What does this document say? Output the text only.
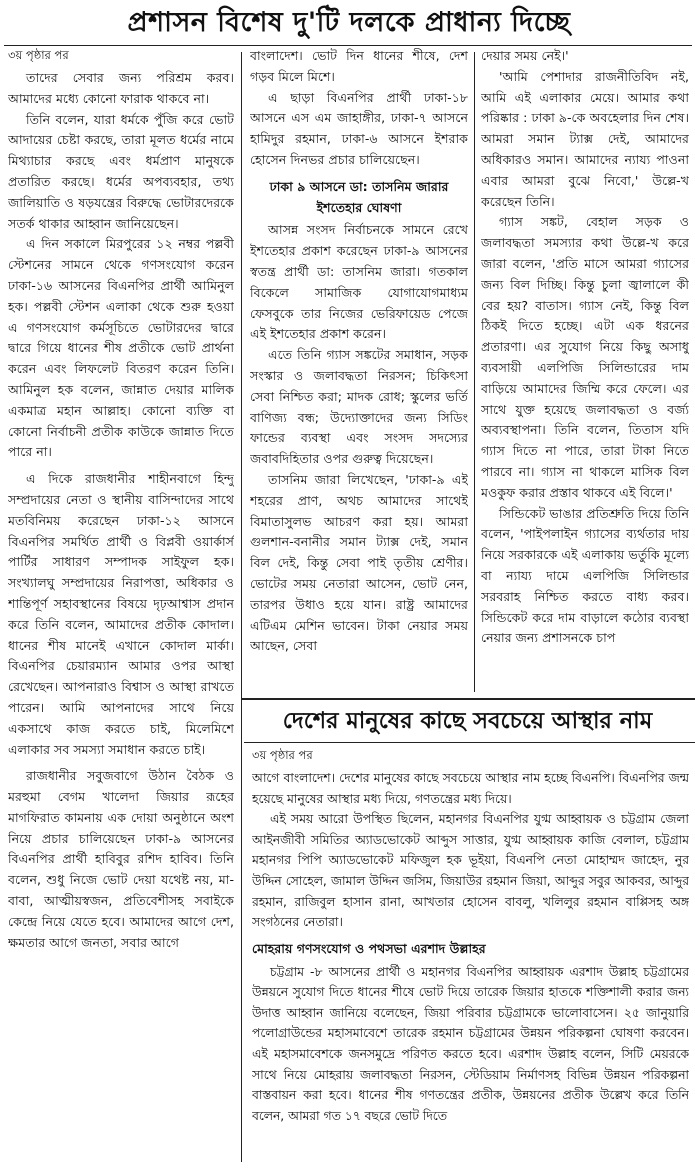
প্রশাসন বিশেষ দু'টি দলকে প্রাধান্য দিচ্ছে
৩য় পৃষ্ঠার পর

তাদের সেবার জন্য পরিশ্রম করব। আমাদের মধ্যে কোনো ফারাক থাকবে না।

তিনি বলেন, যারা ধর্মকে পুঁজি করে ভোট আদায়ের চেষ্টা করছে, তারা মূলত ধর্মের নামে মিথ্যাচার করছে এবং ধর্মপ্রাণ মানুষকে প্রতারিত করছে। ধর্মের অপব্যবহার, তথ্য জালিয়াতি ও ষড়যন্ত্রের বিরুদ্ধে ভোটারদেরকে সতর্ক থাকার আহ্বান জানিয়েছেন।

এ দিন সকালে মিরপুরের ১২ নম্বর পল্লবী স্টেশনের সামনে থেকে গণসংযোগ করেন ঢাকা-১৬ আসনের বিএনপির প্রার্থী আমিনুল হক। পল্লবী স্টেশন এলাকা থেকে শুরু হওয়া এ গণসংযোগ কর্মসূচিতে ভোটারদের দ্বারে দ্বারে গিয়ে ধানের শীষ প্রতীকে ভোট প্রার্থনা করেন এবং লিফলেট বিতরণ করেন তিনি। আমিনুল হক বলেন, জান্নাত দেয়ার মালিক একমাত্র মহান আল্লাহ। কোনো ব্যক্তি বা কোনো নির্বাচনী প্রতীক কাউকে জান্নাত দিতে পারে না।

এ দিকে রাজধানীর শাহীনবাগে হিন্দু সম্প্রদায়ের নেতা ও স্থানীয় বাসিন্দাদের সাথে মতবিনিময় করেছেন ঢাকা-১২ আসনে বিএনপির সমর্থিত প্রার্থী ও বিপ্লবী ওয়ার্কার্স পার্টির সাধারণ সম্পাদক সাইফুল হক। সংখ্যালঘু সম্প্রদায়ের নিরাপত্তা, অধিকার ও শান্তিপূর্ণ সহাবস্থানের বিষয়ে দৃঢ়আশ্বাস প্রদান করে তিনি বলেন, আমাদের প্রতীক কোদাল। ধানের শীষ মানেই এখানে কোদাল মার্কা। বিএনপির চেয়ারম্যান আমার ওপর আস্থা রেখেছেন। আপনারাও বিশ্বাস ও আস্থা রাখতে পারেন। আমি আপনাদের সাথে নিয়ে একসাথে কাজ করতে চাই, মিলেমিশে এলাকার সব সমস্যা সমাধান করতে চাই।

রাজধানীর সবুজবাগে উঠান বৈঠক ও মরহুমা বেগম খালেদা জিয়ার রূহের মাগফিরাত কামনায় এক দোয়া অনুষ্ঠানে অংশ নিয়ে প্রচার চালিয়েছেন ঢাকা-৯ আসনের বিএনপির প্রার্থী হাবিবুর রশিদ হাবিব। তিনি বলেন, শুধু নিজে ভোট দেয়া যথেষ্ট নয়, মা-বাবা, আত্মীয়স্বজন, প্রতিবেশীসহ সবাইকে কেন্দ্রে নিয়ে যেতে হবে। আমাদের আগে দেশ, ক্ষমতার আগে জনতা, সবার আগে

বাংলাদেশ। ভোট দিন ধানের শীষে, দেশ গড়ব মিলে মিশে।

এ ছাড়া বিএনপির প্রার্থী ঢাকা-১৮ আসনে এস এম জাহাঙ্গীর, ঢাকা-৭ আসনে হামিদুর রহমান, ঢাকা-৬ আসনে ইশরাক হোসেন দিনভর প্রচার চালিয়েছেন।

ঢাকা ৯ আসনে ডা: তাসনিম জারার ইশতেহার ঘোষণা

আসন্ন সংসদ নির্বাচনকে সামনে রেখে ইশতেহার প্রকাশ করেছেন ঢাকা-৯ আসনের স্বতন্ত্র প্রার্থী ডা: তাসনিম জারা। গতকাল বিকেলে সামাজিক যোগাযোগমাধ্যম ফেসবুকে তার নিজের ভেরিফায়েড পেজে এই ইশতেহার প্রকাশ করেন।

এতে তিনি গ্যাস সঙ্কটের সমাধান, সড়ক সংস্কার ও জলাবদ্ধতা নিরসন; চিকিৎসা সেবা নিশ্চিত করা; মাদক রোধ; স্কুলের ভর্তি বাণিজ্য বন্ধ; উদ্যোক্তাদের জন্য সিডিং ফান্ডের ব্যবস্থা এবং সংসদ সদস্যের জবাবদিহিতার ওপর গুরুত্ব দিয়েছেন।

তাসনিম জারা লিখেছেন, 'ঢাকা-৯ এই শহরের প্রাণ, অথচ আমাদের সাথেই বিমাতাসুলভ আচরণ করা হয়। আমরা গুলশান-বনানীর সমান ট্যাক্স দেই, সমান বিল দেই, কিন্তু সেবা পাই তৃতীয় শ্রেণীর। ভোটের সময় নেতারা আসেন, ভোট নেন, তারপর উধাও হয়ে যান। রাষ্ট্র আমাদের এটিএম মেশিন ভাবেন। টাকা নেয়ার সময় আছেন, সেবা

দেয়ার সময় নেই।'

'আমি পেশাদার রাজনীতিবিদ নই, আমি এই এলাকার মেয়ে। আমার কথা পরিষ্কার : ঢাকা ৯-কে অবহেলার দিন শেষ। আমরা সমান ট্যাক্স দেই, আমাদের অধিকারও সমান। আমাদের ন্যায্য পাওনা এবার আমরা বুঝে নিবো,' উল্লে-খ করেছেন তিনি।

গ্যাস সঙ্কট, বেহাল সড়ক ও জলাবদ্ধতা সমস্যার কথা উল্লে-খ করে জারা বলেন, 'প্রতি মাসে আমরা গ্যাসের জন্য বিল দিচ্ছি। কিন্তু চুলা জ্বালালে কী বের হয়? বাতাস। গ্যাস নেই, কিন্তু বিল ঠিকই দিতে হচ্ছে। এটা এক ধরনের প্রতারণা। এর সুযোগ নিয়ে কিছু অসাধু ব্যবসায়ী এলপিজি সিলিন্ডারের দাম বাড়িয়ে আমাদের জিম্মি করে ফেলে। এর সাথে যুক্ত হয়েছে জলাবদ্ধতা ও বর্জ্য অব্যবস্থাপনা। তিনি বলেন, তিতাস যদি গ্যাস দিতে না পারে, তারা টাকা নিতে পারবে না। গ্যাস না থাকলে মাসিক বিল মওকুফ করার প্রস্তাব থাকবে এই বিলে।'

সিন্ডিকেট ভাঙার প্রতিশ্রুতি দিয়ে তিনি বলেন, 'পাইপলাইন গ্যাসের ব্যর্থতার দায় নিয়ে সরকারকে এই এলাকায় ভর্তুকি মূল্যে বা ন্যায্য দামে এলপিজি সিলিন্ডার সরবরাহ নিশ্চিত করতে বাধ্য করব। সিন্ডিকেট করে দাম বাড়ালে কঠোর ব্যবস্থা নেয়ার জন্য প্রশাসনকে চাপ

দেশের মানুষের কাছে সবচেয়ে আস্থার নাম
৩য় পৃষ্ঠার পর

আগে বাংলাদেশ। দেশের মানুষের কাছে সবচেয়ে আস্থার নাম হচ্ছে বিএনপি। বিএনপির জন্ম হয়েছে মানুষের আস্থার মধ্য দিয়ে, গণতন্ত্রের মধ্য দিয়ে।

এই সময় আরো উপস্থিত ছিলেন, মহানগর বিএনপির যুগ্ম আহ্বায়ক ও চট্টগ্রাম জেলা আইনজীবী সমিতির অ্যাডভোকেট আব্দুস সাত্তার, যুগ্ম আহ্বায়ক কাজি বেলাল, চট্টগ্রাম মহানগর পিপি অ্যাডভোকেট মফিজুল হক ভূইয়া, বিএনপি নেতা মোহাম্মদ জাহেদ, নুর উদ্দিন সোহেল, জামাল উদ্দিন জসিম, জিয়াউর রহমান জিয়া, আব্দুর সবুর আকবর, আব্দুর রহমান, রাজিবুল হাসান রানা, আখতার হোসেন বাবলু, খলিলুর রহমান বাপ্পিসহ অঙ্গ সংগঠনের নেতারা।

মোহরায় গণসংযোগ ও পথসভা এরশাদ উল্লাহর

চট্টগ্রাম -৮ আসনের প্রার্থী ও মহানগর বিএনপির আহ্বায়ক এরশাদ উল্লাহ চট্টগ্রামের উন্নয়নে সুযোগ দিতে ধানের শীষে ভোট দিয়ে তারেক জিয়ার হাতকে শক্তিশালী করার জন্য উদাত্ত আহ্বান জানিয়ে বলেছেন, জিয়া পরিবার চট্টগ্রামকে ভালোবাসেন। ২৫ জানুয়ারি পলোগ্রাউন্ডের মহাসমাবেশে তারেক রহমান চট্টগ্রামের উন্নয়ন পরিকল্পনা ঘোষণা করবেন। এই মহাসমাবেশকে জনসমুদ্রে পরিণত করতে হবে। এরশাদ উল্লাহ বলেন, সিটি মেয়রকে সাথে নিয়ে মোহরায় জলাবদ্ধতা নিরসন, স্টেডিয়াম নির্মাণসহ বিভিন্ন উন্নয়ন পরিকল্পনা বাস্তবায়ন করা হবে। ধানের শীষ গণতন্ত্রের প্রতীক, উন্নয়নের প্রতীক উল্লেখ করে তিনি বলেন, আমরা গত ১৭ বছরে ভোট দিতে
